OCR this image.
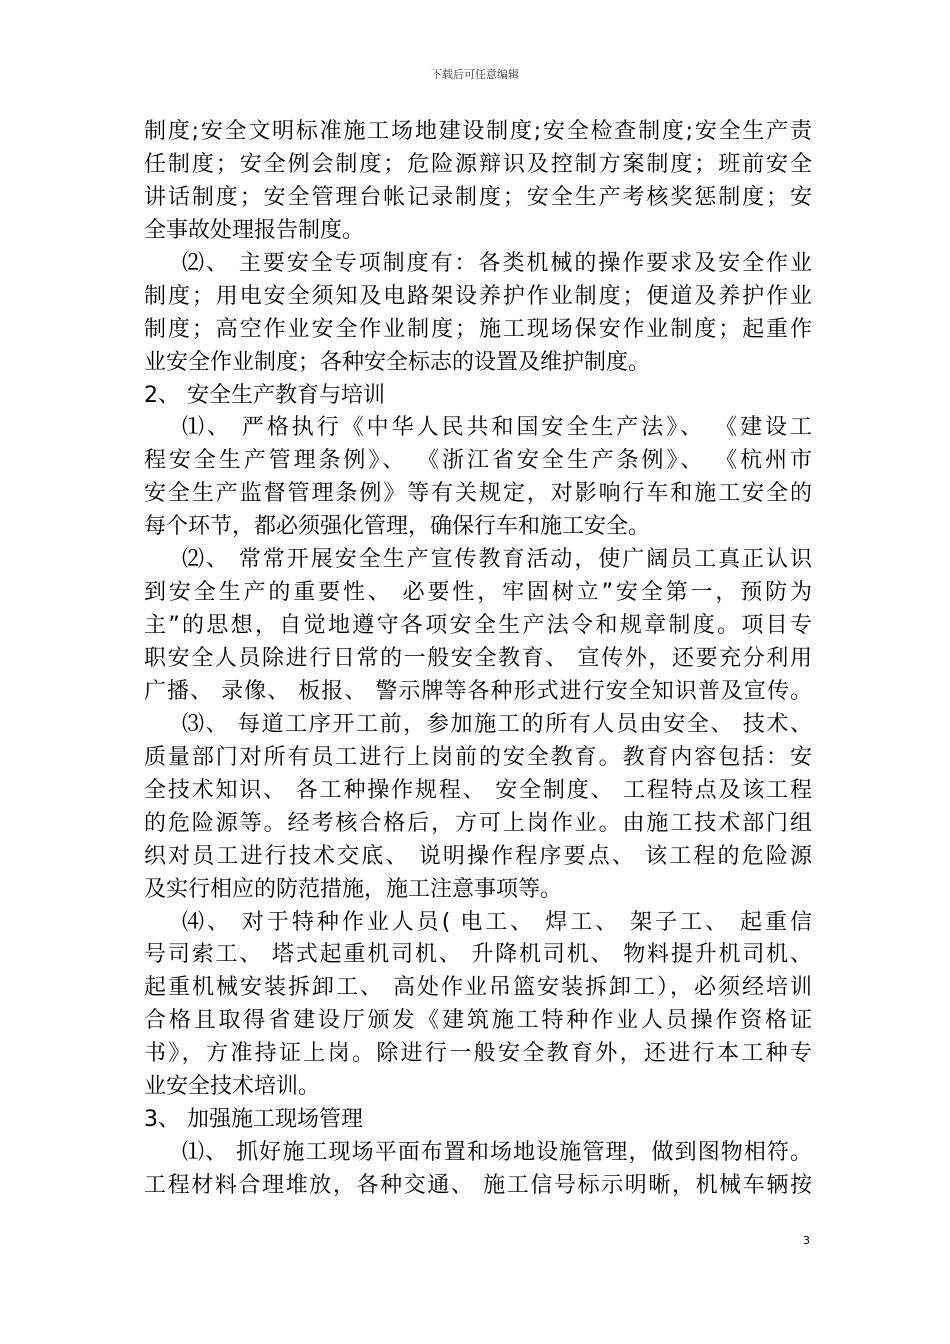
下载后可任意编辑
制度;安全文明标准施工场地建设制度;安全检查制度;安全生产责
任制度；安全例会制度；危险源辩识及控制方案制度；班前安全
讲话制度；安全管理台帐记录制度；安全生产考核奖惩制度；安
全事故处理报告制度。
⑵、 主要安全专项制度有：各类机械的操作要求及安全作业
制度；用电安全须知及电路架设养护作业制度；便道及养护作业
制度；高空作业安全作业制度；施工现场保安作业制度；起重作
业安全作业制度；各种安全标志的设置及维护制度。
2、 安全生产教育与培训
⑴、 严格执行《中华人民共和国安全生产法》、 《建设工
程安全生产管理条例》、 《浙江省安全生产条例》、 《杭州市
安全生产监督管理条例》等有关规定，对影响行车和施工安全的
每个环节，都必须强化管理，确保行车和施工安全。
⑵、 常常开展安全生产宣传教育活动，使广阔员工真正认识
到安全生产的重要性、 必要性，牢固树立”安全第一，预防为
主”的思想，自觉地遵守各项安全生产法令和规章制度。项目专
职安全人员除进行日常的一般安全教育、 宣传外，还要充分利用
广播、 录像、 板报、 警示牌等各种形式进行安全知识普及宣传。
⑶、 每道工序开工前，参加施工的所有人员由安全、 技术、
质量部门对所有员工进行上岗前的安全教育。教育内容包括：安
全技术知识、 各工种操作规程、 安全制度、 工程特点及该工程
的危险源等。经考核合格后，方可上岗作业。由施工技术部门组
织对员工进行技术交底、 说明操作程序要点、 该工程的危险源
及实行相应的防范措施，施工注意事项等。
⑷、 对于特种作业人员( 电工、 焊工、 架子工、 起重信
号司索工、 塔式起重机司机、 升降机司机、 物料提升机司机、
起重机械安装拆卸工、 高处作业吊篮安装拆卸工），必须经培训
合格且取得省建设厅颁发《建筑施工特种作业人员操作资格证
书》，方准持证上岗。除进行一般安全教育外，还进行本工种专
业安全技术培训。
3、 加强施工现场管理
⑴、 抓好施工现场平面布置和场地设施管理，做到图物相符。
工程材料合理堆放，各种交通、 施工信号标示明晰，机械车辆按
3
